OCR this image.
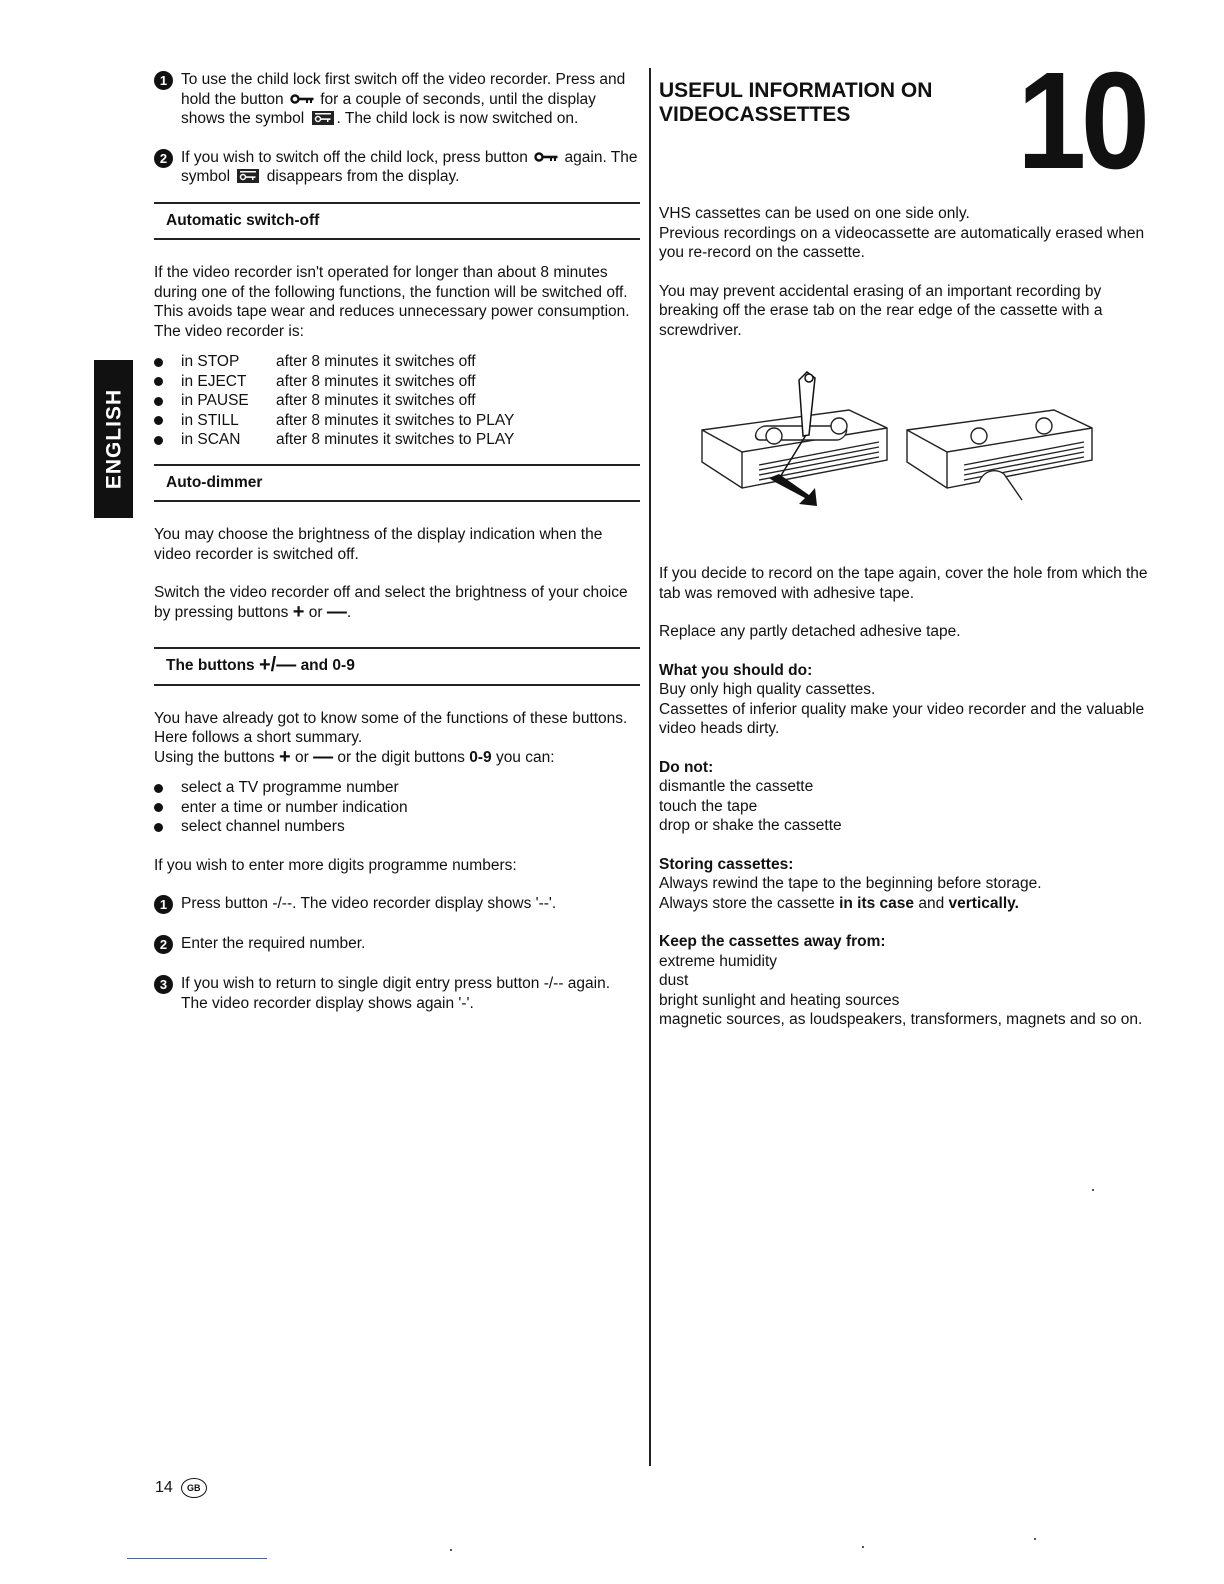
ENGLISH
1 To use the child lock first switch off the video recorder. Press and hold the button for a couple of seconds, until the display shows the symbol . The child lock is now switched on.
2 If you wish to switch off the child lock, press button again. The symbol disappears from the display.
Automatic switch-off

If the video recorder isn't operated for longer than about 8 minutes during one of the following functions, the function will be switched off.

This avoids tape wear and reduces unnecessary power consumption.

The video recorder is:

in STOP	after 8 minutes it switches off
in EJECT	after 8 minutes it switches off
in PAUSE	after 8 minutes it switches off
in STILL	after 8 minutes it switches to PLAY
in SCAN	after 8 minutes it switches to PLAY
Auto-dimmer

You may choose the brightness of the display indication when the video recorder is switched off.

Switch the video recorder off and select the brightness of your choice by pressing buttons + or —.

The buttons +/— and 0-9

You have already got to know some of the functions of these buttons. Here follows a short summary.

Using the buttons + or — or the digit buttons 0-9 you can:

select a TV programme number
enter a time or number indication
select channel numbers

If you wish to enter more digits programme numbers:

1 Press button -/--. The video recorder display shows '--'.
2 Enter the required number.
3 If you wish to return to single digit entry press button -/-- again. The video recorder display shows again '-'.
10
USEFUL INFORMATION ON VIDEOCASSETTES

VHS cassettes can be used on one side only.

Previous recordings on a videocassette are automatically erased when you re-record on the cassette.

You may prevent accidental erasing of an important recording by breaking off the erase tab on the rear edge of the cassette with a screwdriver.

If you decide to record on the tape again, cover the hole from which the tab was removed with adhesive tape.

Replace any partly detached adhesive tape.

What you should do:

Buy only high quality cassettes.

Cassettes of inferior quality make your video recorder and the valuable video heads dirty.

Do not:

dismantle the cassette

touch the tape

drop or shake the cassette

Storing cassettes:

Always rewind the tape to the beginning before storage.

Always store the cassette in its case and vertically.

Keep the cassettes away from:

extreme humidity

dust

bright sunlight and heating sources

magnetic sources, as loudspeakers, transformers, magnets and so on.

14	GB
